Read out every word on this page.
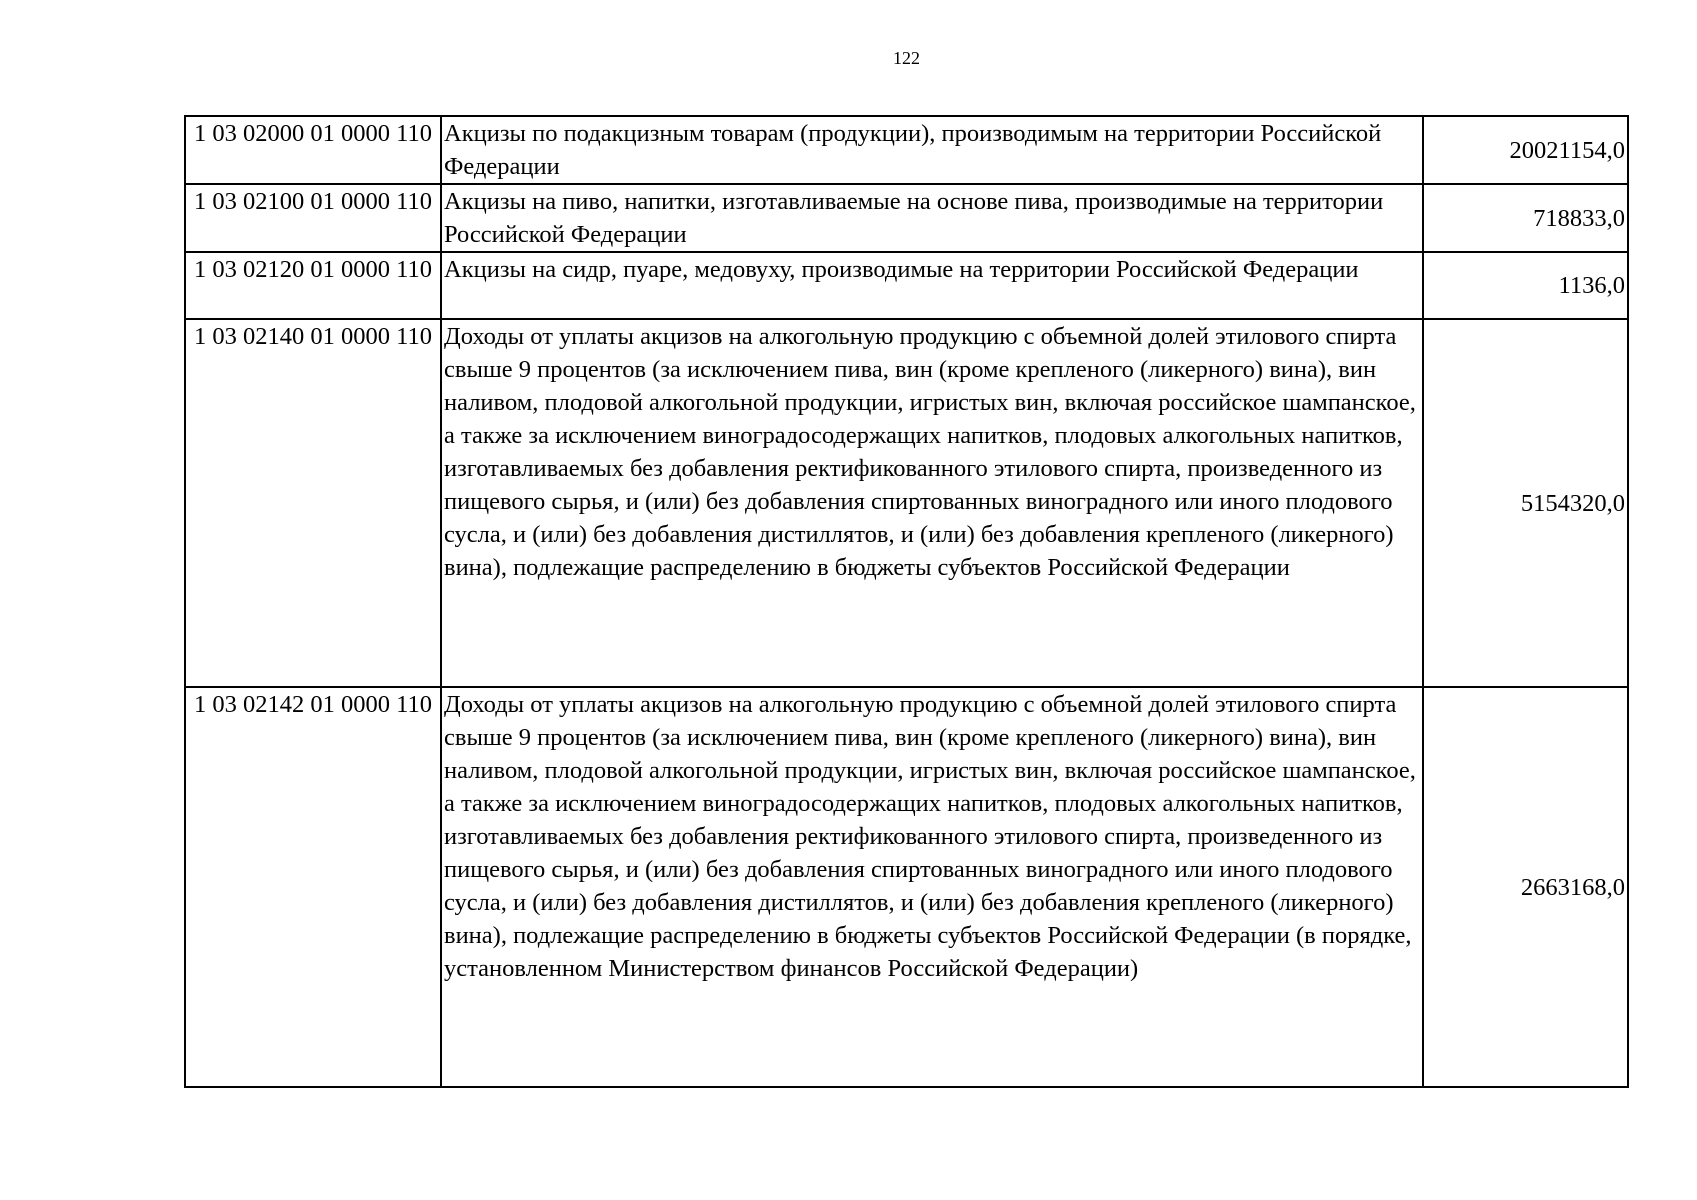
122
1 03 02000 01 0000 110	Акцизы по подакцизным товарам (продукции), производимым на территории Российской Федерации	20021154,0
1 03 02100 01 0000 110	Акцизы на пиво, напитки, изготавливаемые на основе пива, производимые на территории Российской Федерации	718833,0
1 03 02120 01 0000 110	Акцизы на сидр, пуаре, медовуху, производимые на территории Российской Федерации	1136,0
1 03 02140 01 0000 110	Доходы от уплаты акцизов на алкогольную продукцию с объемной долей этилового спирта свыше 9 процентов (за исключением пива, вин (кроме крепленого (ликерного) вина), вин наливом, плодовой алкогольной продукции, игристых вин, включая российское шампанское, а также за исключением виноградосодержащих напитков, плодовых алкогольных напитков, изготавливаемых без добавления ректификованного этилового спирта, произведенного из пищевого сырья, и (или) без добавления спиртованных виноградного или иного плодового сусла, и (или) без добавления дистиллятов, и (или) без добавления крепленого (ликерного) вина), подлежащие распределению в бюджеты субъектов Российской Федерации	5154320,0
1 03 02142 01 0000 110	Доходы от уплаты акцизов на алкогольную продукцию с объемной долей этилового спирта свыше 9 процентов (за исключением пива, вин (кроме крепленого (ликерного) вина), вин наливом, плодовой алкогольной продукции, игристых вин, включая российское шампанское, а также за исключением виноградосодержащих напитков, плодовых алкогольных напитков, изготавливаемых без добавления ректификованного этилового спирта, произведенного из пищевого сырья, и (или) без добавления спиртованных виноградного или иного плодового сусла, и (или) без добавления дистиллятов, и (или) без добавления крепленого (ликерного) вина), подлежащие распределению в бюджеты субъектов Российской Федерации (в порядке, установленном Министерством финансов Российской Федерации)	2663168,0
